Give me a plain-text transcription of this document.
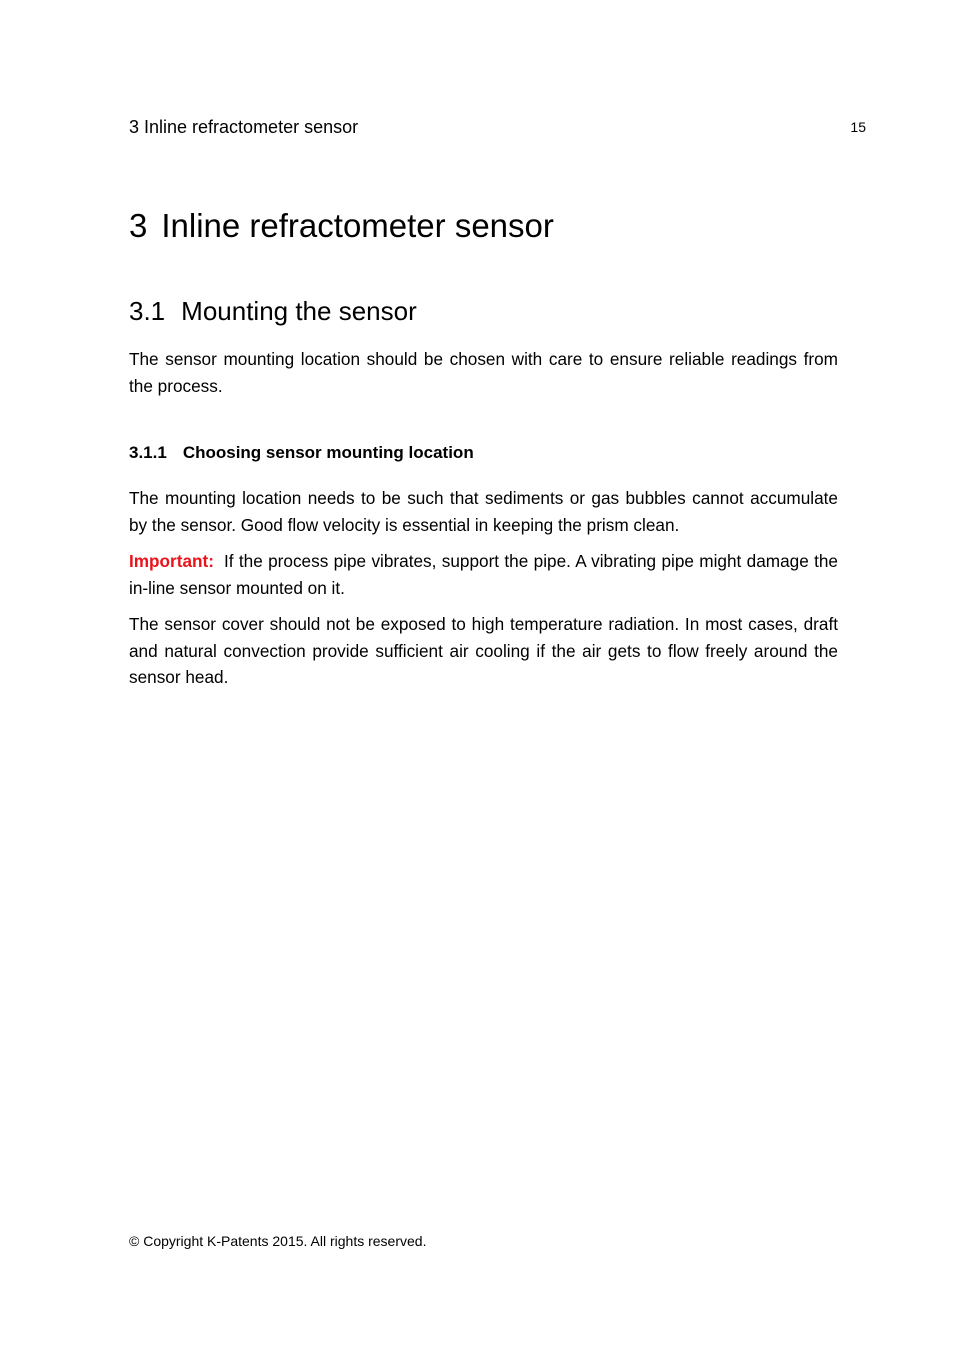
3 Inline refractometer sensor	15
3 Inline refractometer sensor
3.1 Mounting the sensor

The sensor mounting location should be chosen with care to ensure reliable readings from the process.

3.1.1 Choosing sensor mounting location

The mounting location needs to be such that sediments or gas bubbles cannot accumulate by the sensor. Good flow velocity is essential in keeping the prism clean.

Important: If the process pipe vibrates, support the pipe. A vibrating pipe might damage the in-line sensor mounted on it.

The sensor cover should not be exposed to high temperature radiation. In most cases, draft and natural convection provide sufficient air cooling if the air gets to flow freely around the sensor head.

© Copyright K-Patents 2015. All rights reserved.
